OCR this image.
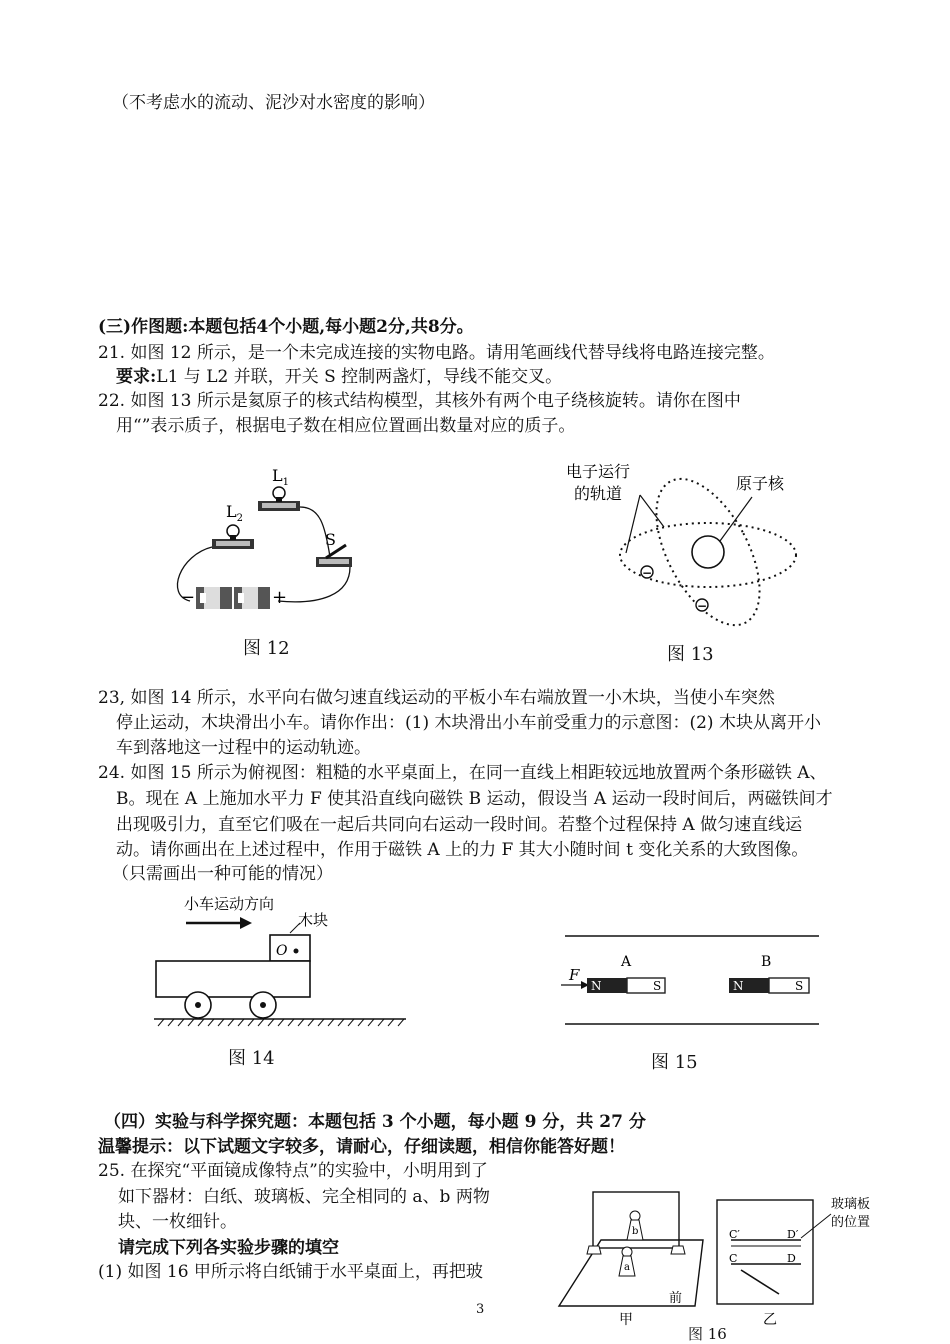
（不考虑水的流动、泥沙对水密度的影响）
(三)作图题:本题包括4个小题,每小题2分,共8分。
21. 如图 12 所示，是一个未完成连接的实物电路。请用笔画线代替导线将电路连接完整。
要求:L1 与 L2 并联，开关 S 控制两盏灯，导线不能交叉。
22. 如图 13 所示是氦原子的核式结构模型，其核外有两个电子绕核旋转。请你在图中
用“”表示质子，根据电子数在相应位置画出数量对应的质子。
$L_1$
$L_2$
S
−	+
图 12
电子运行
的轨道
原子核
−
−
图 13
23, 如图 14 所示，水平向右做匀速直线运动的平板小车右端放置一小木块，当使小车突然
停止运动，木块滑出小车。请你作出：(1) 木块滑出小车前受重力的示意图：(2) 木块从离开小
车到落地这一过程中的运动轨迹。
24. 如图 15 所示为俯视图：粗糙的水平桌面上，在同一直线上相距较远地放置两个条形磁铁 A、
B。现在 A 上施加水平力 F 使其沿直线向磁铁 B 运动，假设当 A 运动一段时间后，两磁铁间才
出现吸引力，直至它们吸在一起后共同向右运动一段时间。若整个过程保持 A 做匀速直线运
动。请你画出在上述过程中，作用于磁铁 A 上的力 F 其大小随时间 t 变化关系的大致图像。
（只需画出一种可能的情况）
小车运动方向
木块
O
图 14
F
A
N	S
B
N	S
图 15
（四）实验与科学探究题：本题包括 3 个小题，每小题 9 分，共 27 分
温馨提示：以下试题文字较多，请耐心，仔细读题，相信你能答好题！
25. 在探究“平面镜成像特点”的实验中，小明用到了
如下器材：白纸、玻璃板、完全相同的 a、b 两物
块、一枚细针。
请完成下列各实验步骤的填空
(1) 如图 16 甲所示将白纸铺于水平桌面上，再把玻
3
b
a
前
甲
C′	D′
C	D
玻璃板
的位置
乙
图 16
